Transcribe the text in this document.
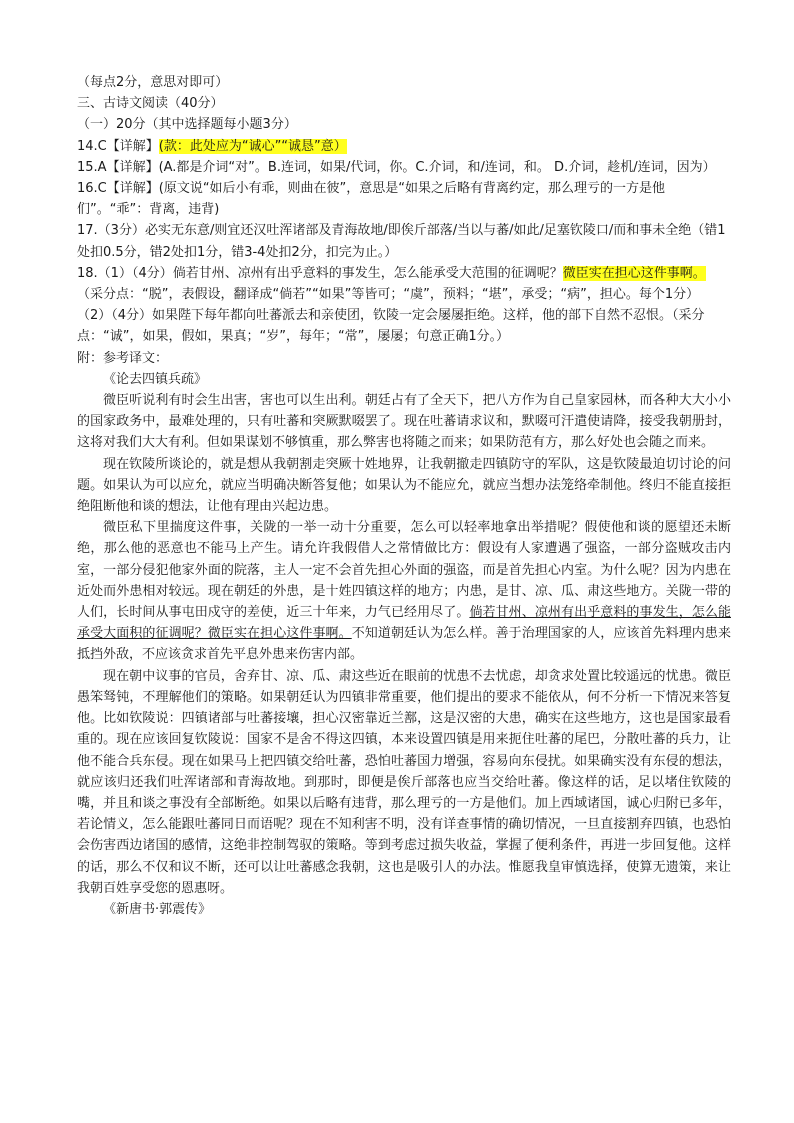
（每点2分，意思对即可）
三、古诗文阅读（40分）
（一）20分（其中选择题每小题3分）
14.C【详解】(款：此处应为“诚心”“诚恳”意）
15.A【详解】(A.都是介词“对”。B.连词，如果/代词，你。C.介词，和/连词，和。 D.介词，趁机/连词，因为）
16.C【详解】(原文说“如后小有乖，则曲在彼”，意思是“如果之后略有背离约定，那么理亏的一方是他们”。“乖”：背离，违背)
17.（3分）必实无东意/则宜还汉吐浑诸部及青海故地/即俟斤部落/当以与蕃/如此/足塞钦陵口/而和事未全绝（错1处扣0.5分，错2处扣1分，错3-4处扣2分，扣完为止。）
18.（1）（4分）倘若甘州、凉州有出乎意料的事发生，怎么能承受大范围的征调呢？微臣实在担心这件事啊。
（采分点：“脱”，表假设，翻译成“倘若”“如果”等皆可；“虞”，预料；“堪”，承受；“病”，担心。每个1分）
（2）（4分）如果陛下每年都向吐蕃派去和亲使团，钦陵一定会屡屡拒绝。这样，他的部下自然不忍恨。（采分点：“诚”，如果，假如，果真；“岁”，每年；“常”，屡屡；句意正确1分。）
附：参考译文：
《论去四镇兵疏》
微臣听说利有时会生出害，害也可以生出利。朝廷占有了全天下，把八方作为自己皇家园林，而各种大大小小的国家政务中，最难处理的，只有吐蕃和突厥默啜罢了。现在吐蕃请求议和，默啜可汗遣使请降，接受我朝册封，这将对我们大大有利。但如果谋划不够慎重，那么弊害也将随之而来；如果防范有方，那么好处也会随之而来。
现在钦陵所谈论的，就是想从我朝割走突厥十姓地界，让我朝撤走四镇防守的军队，这是钦陵最迫切讨论的问题。如果认为可以应允，就应当明确决断答复他；如果认为不能应允，就应当想办法笼络牵制他。终归不能直接拒绝阻断他和谈的想法，让他有理由兴起边患。
微臣私下里揣度这件事，关陇的一举一动十分重要，怎么可以轻率地拿出举措呢？假使他和谈的愿望还未断绝，那么他的恶意也不能马上产生。请允许我假借人之常情做比方：假设有人家遭遇了强盗，一部分盗贼攻击内室，一部分侵犯他家外面的院落，主人一定不会首先担心外面的强盗，而是首先担心内室。为什么呢？因为内患在近处而外患相对较远。现在朝廷的外患，是十姓四镇这样的地方；内患，是甘、凉、瓜、肃这些地方。关陇一带的人们，长时间从事屯田戍守的差使，近三十年来，力气已经用尽了。倘若甘州、凉州有出乎意料的事发生，怎么能承受大面积的征调呢？微臣实在担心这件事啊。不知道朝廷认为怎么样。善于治理国家的人，应该首先料理内患来抵挡外敌，不应该贪求首先平息外患来伤害内部。
现在朝中议事的官员，舍弃甘、凉、瓜、肃这些近在眼前的忧患不去忧虑，却贪求处置比较遥远的忧患。微臣愚笨驽钝，不理解他们的策略。如果朝廷认为四镇非常重要，他们提出的要求不能依从，何不分析一下情况来答复他。比如钦陵说：四镇诸部与吐蕃接壤，担心汉密靠近兰鄯，这是汉密的大患，确实在这些地方，这也是国家最看重的。现在应该回复钦陵说：国家不是舍不得这四镇，本来设置四镇是用来扼住吐蕃的尾巴，分散吐蕃的兵力，让他不能合兵东侵。现在如果马上把四镇交给吐蕃，恐怕吐蕃国力增强，容易向东侵扰。如果确实没有东侵的想法，就应该归还我们吐浑诸部和青海故地。到那时，即便是俟斤部落也应当交给吐蕃。像这样的话，足以堵住钦陵的嘴，并且和谈之事没有全部断绝。如果以后略有违背，那么理亏的一方是他们。加上西域诸国，诚心归附已多年，若论情义，怎么能跟吐蕃同日而语呢？现在不知利害不明，没有详查事情的确切情况，一旦直接割弃四镇，也恐怕会伤害西边诸国的感情，这绝非控制驾驭的策略。等到考虑过损失收益，掌握了便利条件，再进一步回复他。这样的话，那么不仅和议不断，还可以让吐蕃感念我朝，这也是吸引人的办法。惟愿我皇审慎选择，使算无遗策，来让我朝百姓享受您的恩惠呀。
《新唐书·郭震传》
